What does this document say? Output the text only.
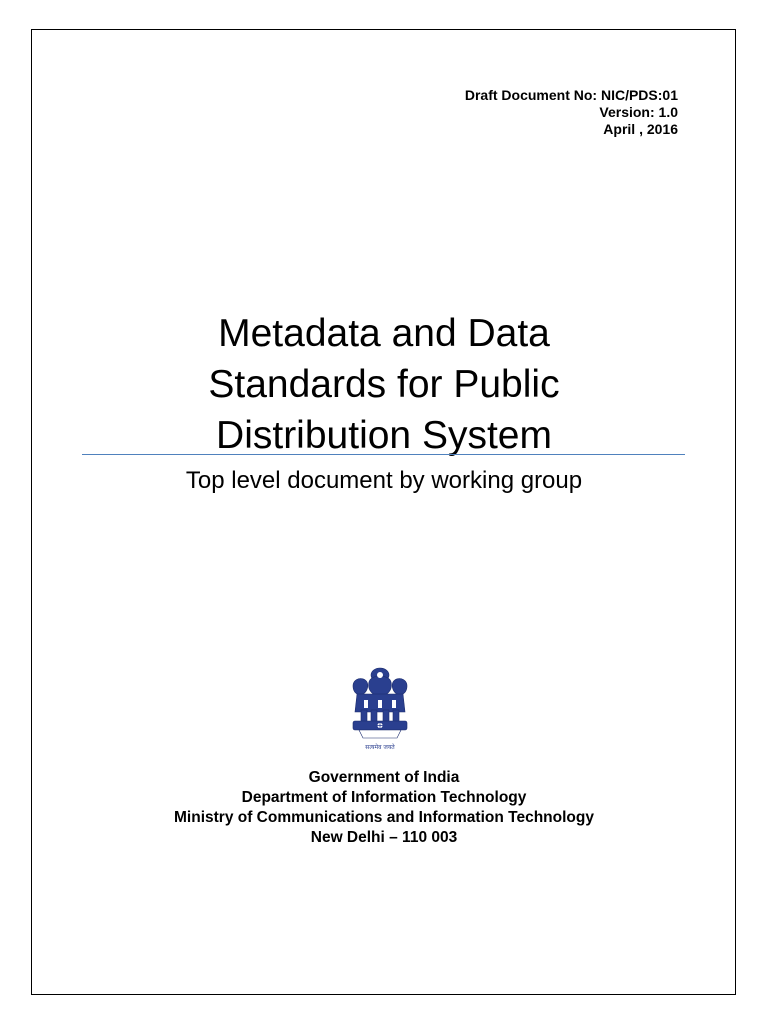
Draft Document No: NIC/PDS:01
Version: 1.0
April , 2016
Metadata and Data
Standards for Public
Distribution System
Top level document by working group
सत्यमेव जयते
Government of India
Department of Information Technology
Ministry of Communications and Information Technology
New Delhi – 110 003
